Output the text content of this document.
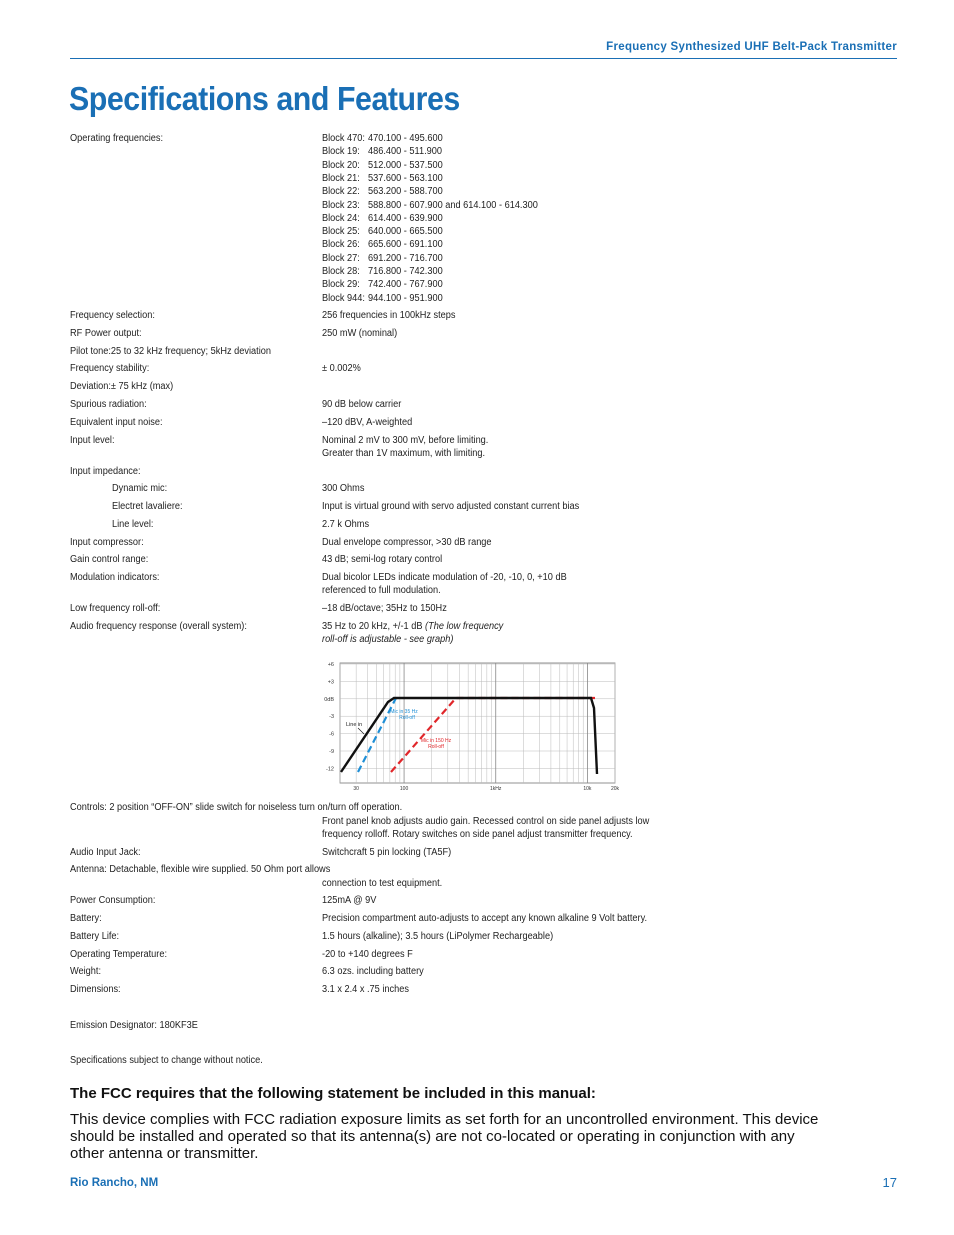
Frequency Synthesized UHF Belt-Pack Transmitter
Specifications and Features
Operating frequencies:	Block 470: 470.100 - 495.600
Block 19: 486.400 - 511.900
Block 20: 512.000 - 537.500
Block 21: 537.600 - 563.100
Block 22: 563.200 - 588.700
Block 23: 588.800 - 607.900 and 614.100 - 614.300
Block 24: 614.400 - 639.900
Block 25: 640.000 - 665.500
Block 26: 665.600 - 691.100
Block 27: 691.200 - 716.700
Block 28: 716.800 - 742.300
Block 29: 742.400 - 767.900
Block 944: 944.100 - 951.900
Frequency selection:	256 frequencies in 100kHz steps
RF Power output:	250 mW (nominal)
Pilot tone:25 to 32 kHz frequency; 5kHz deviation
Frequency stability:	± 0.002%
Deviation:± 75 kHz (max)
Spurious radiation:	90 dB below carrier
Equivalent input noise:	–120 dBV, A-weighted
Input level:	Nominal 2 mV to 300 mV, before limiting.
Greater than 1V maximum, with limiting.
Input impedance:
Dynamic mic:	300 Ohms
Electret lavaliere:	Input is virtual ground with servo adjusted constant current bias
Line level:	2.7 k Ohms
Input compressor:	Dual envelope compressor, >30 dB range
Gain control range:	43 dB; semi-log rotary control
Modulation indicators:	Dual bicolor LEDs indicate modulation of -20, -10, 0, +10 dB
referenced to full modulation.
Low frequency roll-off:	–18 dB/octave; 35Hz to 150Hz
Audio frequency response (overall system):	35 Hz to 20 kHz, +/-1 dB (The low frequency
roll-off is adjustable - see graph)
+6
+3
0dB
-3
-6
-9
-12
30	100	1kHz	10k	20k
Line in
Mic in 35 Hz
Roll-off
Mic in 150 Hz
Roll-off
Controls: 2 position “OFF-ON” slide switch for noiseless turn on/turn off operation.
Front panel knob adjusts audio gain. Recessed control on side panel adjusts low
frequency rolloff. Rotary switches on side panel adjust transmitter frequency.
Audio Input Jack:	Switchcraft 5 pin locking (TA5F)
Antenna: Detachable, flexible wire supplied. 50 Ohm port allows
connection to test equipment.
Power Consumption:	125mA @ 9V
Battery:	Precision compartment auto-adjusts to accept any known alkaline 9 Volt battery.
Battery Life:	1.5 hours (alkaline); 3.5 hours (LiPolymer Rechargeable)
Operating Temperature:	-20 to +140 degrees F
Weight:	6.3 ozs. including battery
Dimensions:	3.1 x 2.4 x .75 inches
Emission Designator: 180KF3E
Specifications subject to change without notice.
The FCC requires that the following statement be included in this manual:
This device complies with FCC radiation exposure limits as set forth for an uncontrolled environment. This device should be installed and operated so that its antenna(s) are not co-located or operating in conjunction with any other antenna or transmitter.
Rio Rancho, NM	17
